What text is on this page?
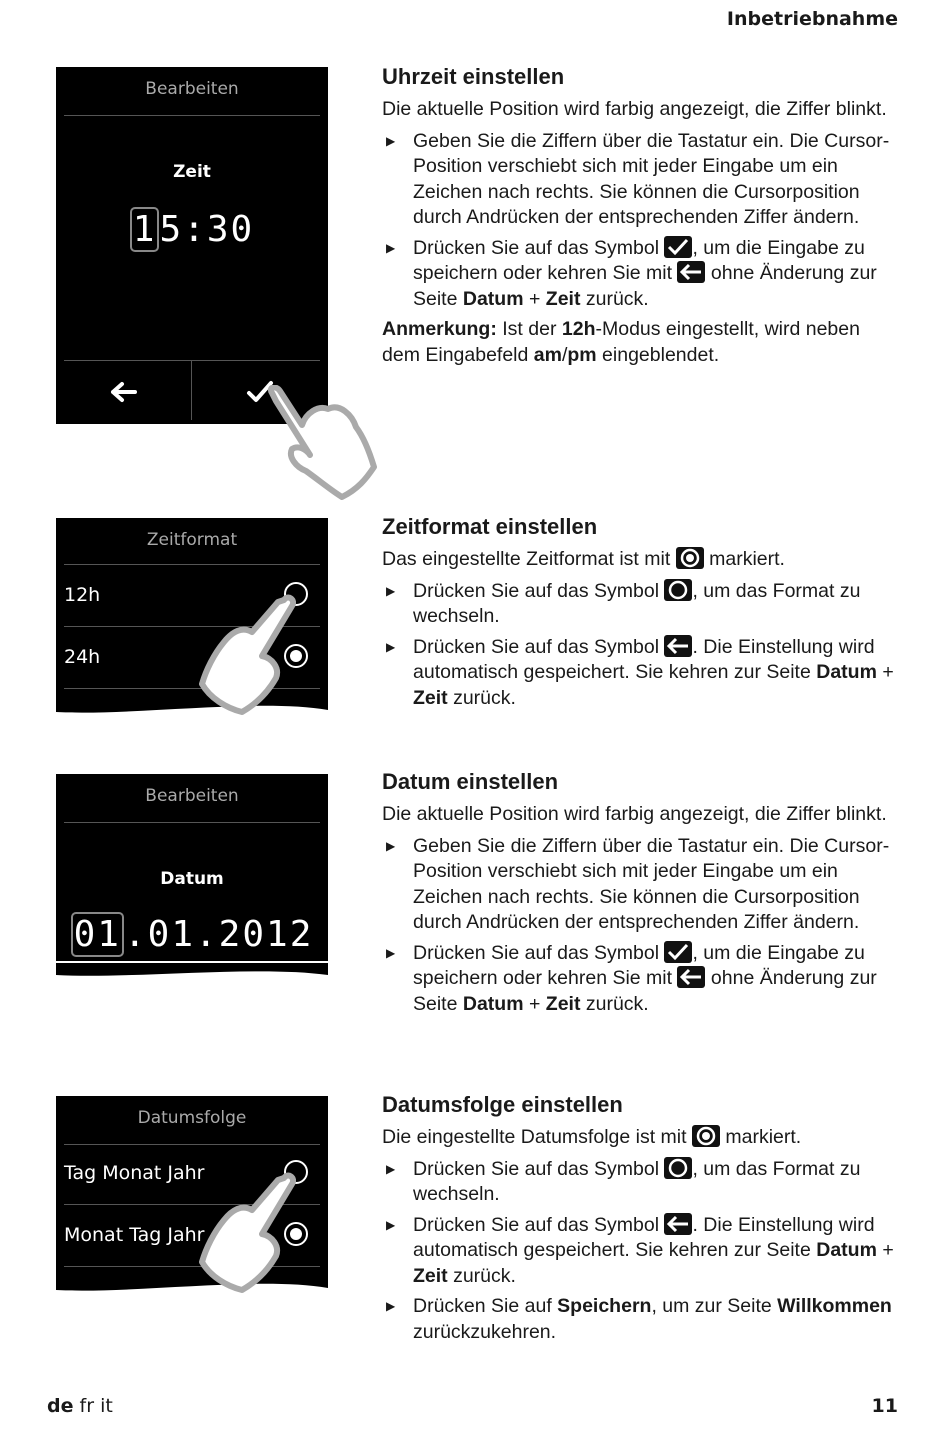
Inbetriebnahme
de fr it	11
Bearbeiten
Zeit
15:30
Zeitformat
12h
24h
Bearbeiten
Datum
01.01.2012
Datumsfolge
Tag Monat Jahr
Monat Tag Jahr
Uhrzeit einstellen

Die aktuelle Position wird farbig angezeigt, die Ziffer blinkt.

▶ Geben Sie die Ziffern über die Tastatur ein. Die Cursor-Position verschiebt sich mit jeder Eingabe um ein Zeichen nach rechts. Sie können die Cursorposition durch Andrücken der entsprechenden Ziffer ändern.
▶ Drücken Sie auf das Symbol , um die Eingabe zu speichern oder kehren Sie mit ohne Änderung zur Seite Datum + Zeit zurück.

Anmerkung: Ist der 12h-Modus eingestellt, wird neben dem Eingabefeld am/pm eingeblendet.

Zeitformat einstellen

Das eingestellte Zeitformat ist mit markiert.

▶ Drücken Sie auf das Symbol , um das Format zu wechseln.
▶ Drücken Sie auf das Symbol . Die Einstellung wird automatisch gespeichert. Sie kehren zur Seite Datum + Zeit zurück.
Datum einstellen

Die aktuelle Position wird farbig angezeigt, die Ziffer blinkt.

▶ Geben Sie die Ziffern über die Tastatur ein. Die Cursor-Position verschiebt sich mit jeder Eingabe um ein Zeichen nach rechts. Sie können die Cursorposition durch Andrücken der entsprechenden Ziffer ändern.
▶ Drücken Sie auf das Symbol , um die Eingabe zu speichern oder kehren Sie mit ohne Änderung zur Seite Datum + Zeit zurück.
Datumsfolge einstellen

Die eingestellte Datumsfolge ist mit markiert.

▶ Drücken Sie auf das Symbol , um das Format zu wechseln.
▶ Drücken Sie auf das Symbol . Die Einstellung wird automatisch gespeichert. Sie kehren zur Seite Datum + Zeit zurück.
▶ Drücken Sie auf Speichern, um zur Seite Willkommen zurückzukehren.
